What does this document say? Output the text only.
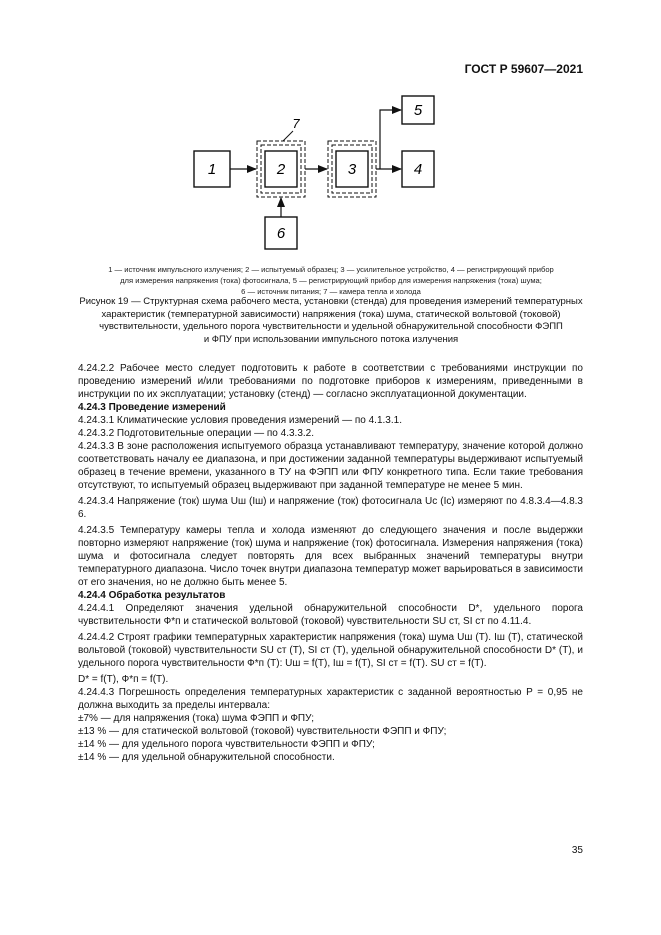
ГОСТ Р 59607—2021
1	2	3	4
5
6
7
1 — источник импульсного излучения; 2 — испытуемый образец; 3 — усилительное устройство, 4 — регистрирующий прибор
для измерения напряжения (тока) фотосигнала, 5 — регистрирующий прибор для измерения напряжения (тока) шума;
6 — источник питания; 7 — камера тепла и холода
Рисунок 19 — Структурная схема рабочего места, установки (стенда) для проведения измерений температурных
характеристик (температурной зависимости) напряжения (тока) шума, статической вольтовой (токовой)
чувствительности, удельного порога чувствительности и удельной обнаружительной способности ФЭПП
и ФПУ при использовании импульсного потока излучения

4.24.2.2 Рабочее место следует подготовить к работе в соответствии с требованиями инструкции по проведению измерений и/или требованиями по подготовке приборов к измерениям, приведенными в инструкции по их эксплуатации; установку (стенд) — согласно эксплуатационной документации.

4.24.3 Проведение измерений

4.24.3.1 Климатические условия проведения измерений — по 4.1.3.1.

4.24.3.2 Подготовительные операции — по 4.3.3.2.

4.24.3.3 В зоне расположения испытуемого образца устанавливают температуру, значение которой должно соответствовать началу ее диапазона, и при достижении заданной температуры выдерживают испытуемый образец в течение времени, указанного в ТУ на ФЭПП или ФПУ конкретного типа. Если такие требования отсутствуют, то испытуемый образец выдерживают при заданной температуре не менее 5 мин.

4.24.3.4 Напряжение (ток) шума Uш (Iш) и напряжение (ток) фотосигнала Uс (Iс) измеряют по 4.8.3.4—4.8.3 6.

4.24.3.5 Температуру камеры тепла и холода изменяют до следующего значения и после выдержки повторно измеряют напряжение (ток) шума и напряжение (ток) фотосигнала. Измерения напряжения (тока) шума и фотосигнала следует повторять для всех выбранных значений температуры внутри температурного диапазона. Число точек внутри диапазона температур может варьироваться в зависимости от его значения, но не должно быть менее 5.

4.24.4 Обработка результатов

4.24.4.1 Определяют значения удельной обнаружительной способности D*, удельного порога чувствительности Ф*п и статической вольтовой (токовой) чувствительности SU ст, SI ст по 4.11.4.

4.24.4.2 Строят графики температурных характеристик напряжения (тока) шума Uш (T). Iш (T), статической вольтовой (токовой) чувствительности SU ст (T), SI ст (T), удельной обнаружительной способности D* (T), и удельного порога чувствительности Ф*п (T): Uш = f(T), Iш = f(T), SI ст = f(T). SU ст = f(T).

D* = f(T), Ф*п = f(T).

4.24.4.3 Погрешность определения температурных характеристик с заданной вероятностью P = 0,95 не должна выходить за пределы интервала:

±7% — для напряжения (тока) шума ФЭПП и ФПУ;

±13 % — для статической вольтовой (токовой) чувствительности ФЭПП и ФПУ;

±14 % — для удельного порога чувствительности ФЭПП и ФПУ;

±14 % — для удельной обнаружительной способности.

35
